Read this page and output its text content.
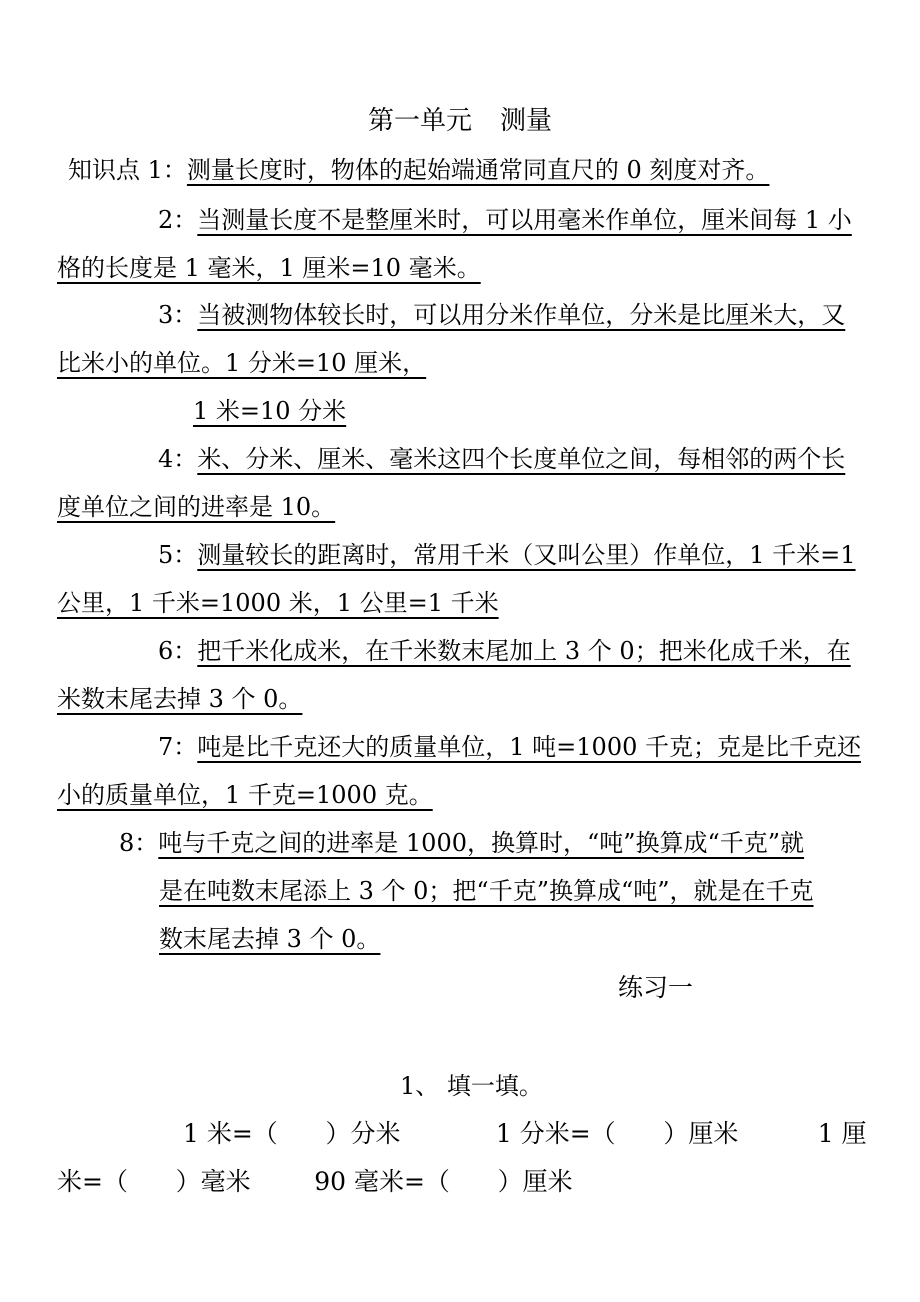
第一单元 测量
知识点 1：测量长度时，物体的起始端通常同直尺的 0 刻度对齐。
2：当测量长度不是整厘米时，可以用毫米作单位，厘米间每 1 小
格的长度是 1 毫米，1 厘米=10 毫米。
3：当被测物体较长时，可以用分米作单位，分米是比厘米大，又
比米小的单位。1 分米=10 厘米，
1 米=10 分米
4：米、分米、厘米、毫米这四个长度单位之间，每相邻的两个长
度单位之间的进率是 10。
5：测量较长的距离时，常用千米（又叫公里）作单位，1 千米=1
公里，1 千米=1000 米，1 公里=1 千米
6：把千米化成米，在千米数末尾加上 3 个 0；把米化成千米，在
米数末尾去掉 3 个 0。
7：吨是比千克还大的质量单位，1 吨=1000 千克；克是比千克还
小的质量单位，1 千克=1000 克。
8：吨与千克之间的进率是 1000，换算时，“吨”换算成“千克”就
是在吨数末尾添上 3 个 0；把“千克”换算成“吨”，就是在千克
数末尾去掉 3 个 0。
练习一
1、 填一填。
1 米=（      ）分米            1 分米=（      ）厘米          1 厘
米=（      ）毫米        90 毫米=（      ）厘米
